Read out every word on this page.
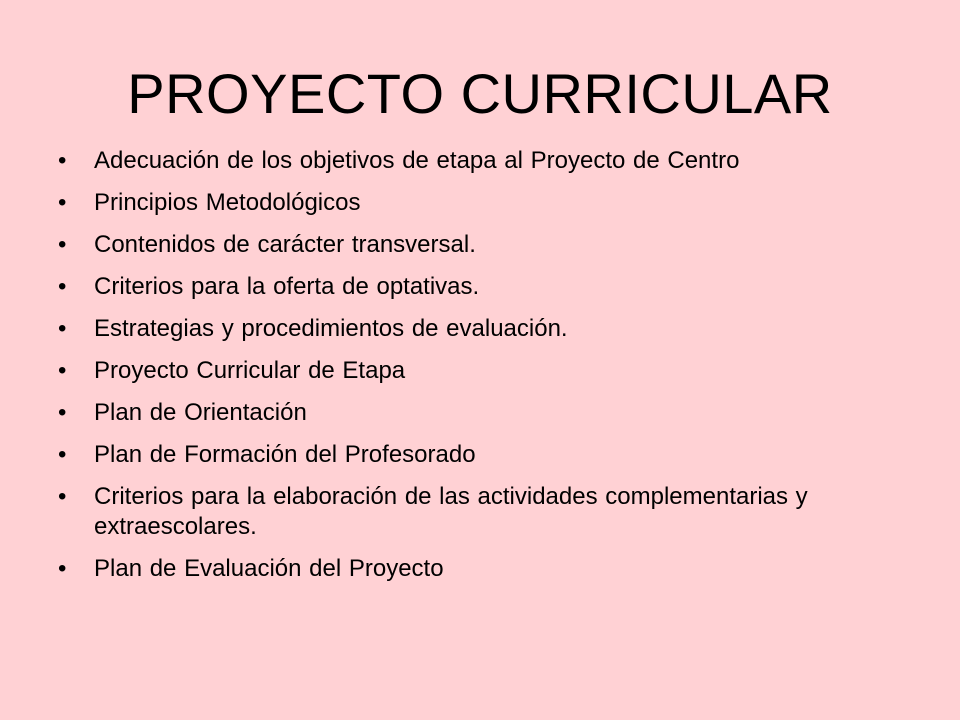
PROYECTO CURRICULAR
•	Adecuación de los objetivos de etapa al Proyecto de Centro
•	Principios Metodológicos
•	Contenidos de carácter transversal.
•	Criterios para la oferta de optativas.
•	Estrategias y procedimientos de evaluación.
•	Proyecto Curricular de Etapa
•	Plan de Orientación
•	Plan de Formación del Profesorado
•	Criterios para la elaboración de las actividades complementarias y extraescolares.
•	Plan de Evaluación del Proyecto
